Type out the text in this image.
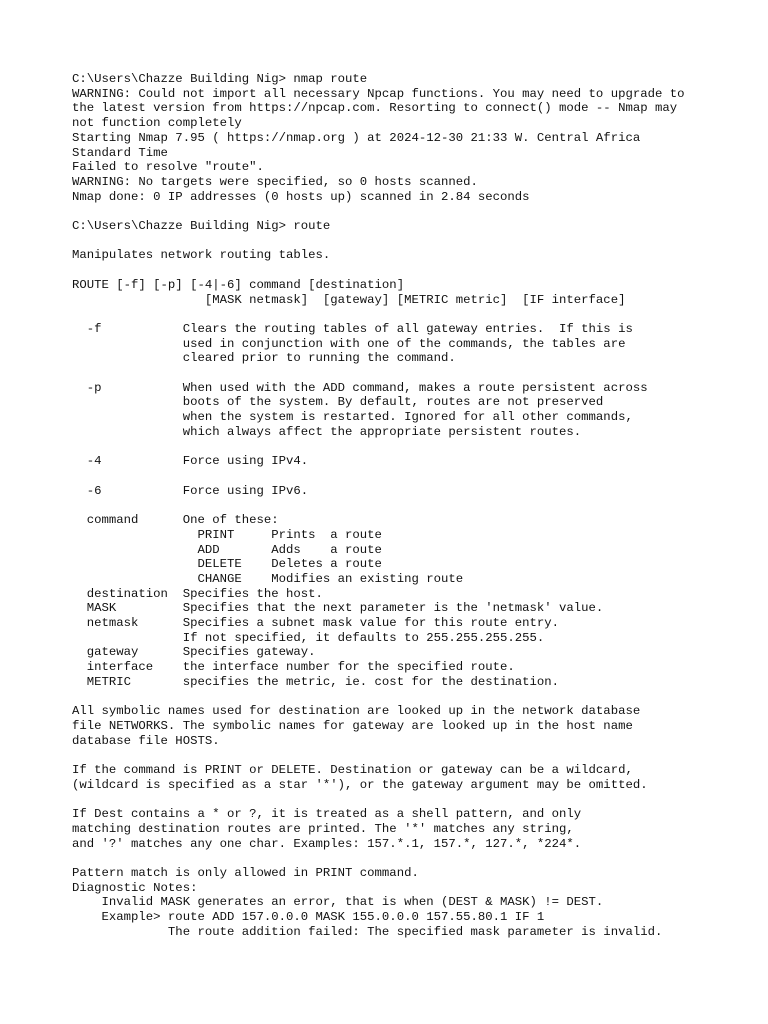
C:\Users\Chazze Building Nig> nmap route
WARNING: Could not import all necessary Npcap functions. You may need to upgrade to
the latest version from https://npcap.com. Resorting to connect() mode -- Nmap may
not function completely
Starting Nmap 7.95 ( https://nmap.org ) at 2024-12-30 21:33 W. Central Africa
Standard Time
Failed to resolve "route".
WARNING: No targets were specified, so 0 hosts scanned.
Nmap done: 0 IP addresses (0 hosts up) scanned in 2.84 seconds

C:\Users\Chazze Building Nig> route

Manipulates network routing tables.

ROUTE [-f] [-p] [-4|-6] command [destination]
[MASK netmask]  [gateway] [METRIC metric]  [IF interface]

-f           Clears the routing tables of all gateway entries.  If this is
used in conjunction with one of the commands, the tables are
cleared prior to running the command.

-p           When used with the ADD command, makes a route persistent across
boots of the system. By default, routes are not preserved
when the system is restarted. Ignored for all other commands,
which always affect the appropriate persistent routes.

-4           Force using IPv4.

-6           Force using IPv6.

command      One of these:
PRINT     Prints  a route
ADD       Adds    a route
DELETE    Deletes a route
CHANGE    Modifies an existing route
destination  Specifies the host.
MASK         Specifies that the next parameter is the 'netmask' value.
netmask      Specifies a subnet mask value for this route entry.
If not specified, it defaults to 255.255.255.255.
gateway      Specifies gateway.
interface    the interface number for the specified route.
METRIC       specifies the metric, ie. cost for the destination.

All symbolic names used for destination are looked up in the network database
file NETWORKS. The symbolic names for gateway are looked up in the host name
database file HOSTS.

If the command is PRINT or DELETE. Destination or gateway can be a wildcard,
(wildcard is specified as a star '*'), or the gateway argument may be omitted.

If Dest contains a * or ?, it is treated as a shell pattern, and only
matching destination routes are printed. The '*' matches any string,
and '?' matches any one char. Examples: 157.*.1, 157.*, 127.*, *224*.

Pattern match is only allowed in PRINT command.
Diagnostic Notes:
Invalid MASK generates an error, that is when (DEST & MASK) != DEST.
Example> route ADD 157.0.0.0 MASK 155.0.0.0 157.55.80.1 IF 1
The route addition failed: The specified mask parameter is invalid.
